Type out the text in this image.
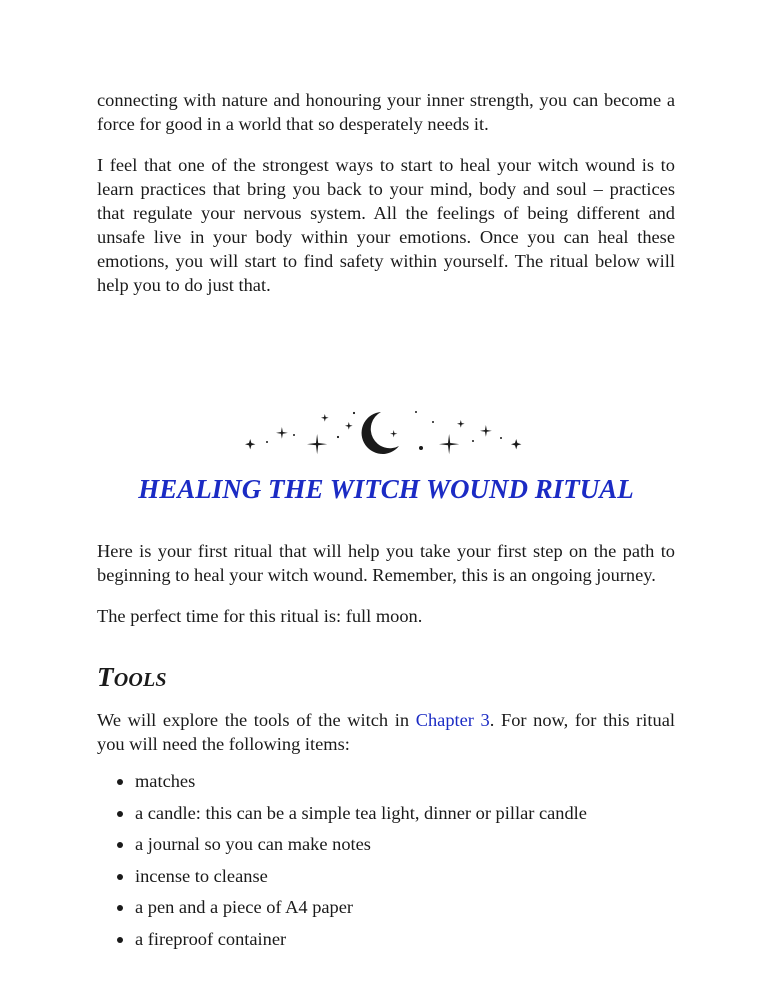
connecting with nature and honouring your inner strength, you can become a force for good in a world that so desperately needs it.

I feel that one of the strongest ways to start to heal your witch wound is to learn practices that bring you back to your mind, body and soul – practices that regulate your nervous system. All the feelings of being different and unsafe live in your body within your emotions. Once you can heal these emotions, you will start to find safety within yourself. The ritual below will help you to do just that.

HEALING THE WITCH WOUND RITUAL

Here is your first ritual that will help you take your first step on the path to beginning to heal your witch wound. Remember, this is an ongoing journey.

The perfect time for this ritual is: full moon.

TOOLS

We will explore the tools of the witch in Chapter 3. For now, for this ritual you will need the following items:

matches
a candle: this can be a simple tea light, dinner or pillar candle
a journal so you can make notes
incense to cleanse
a pen and a piece of A4 paper
a fireproof container
